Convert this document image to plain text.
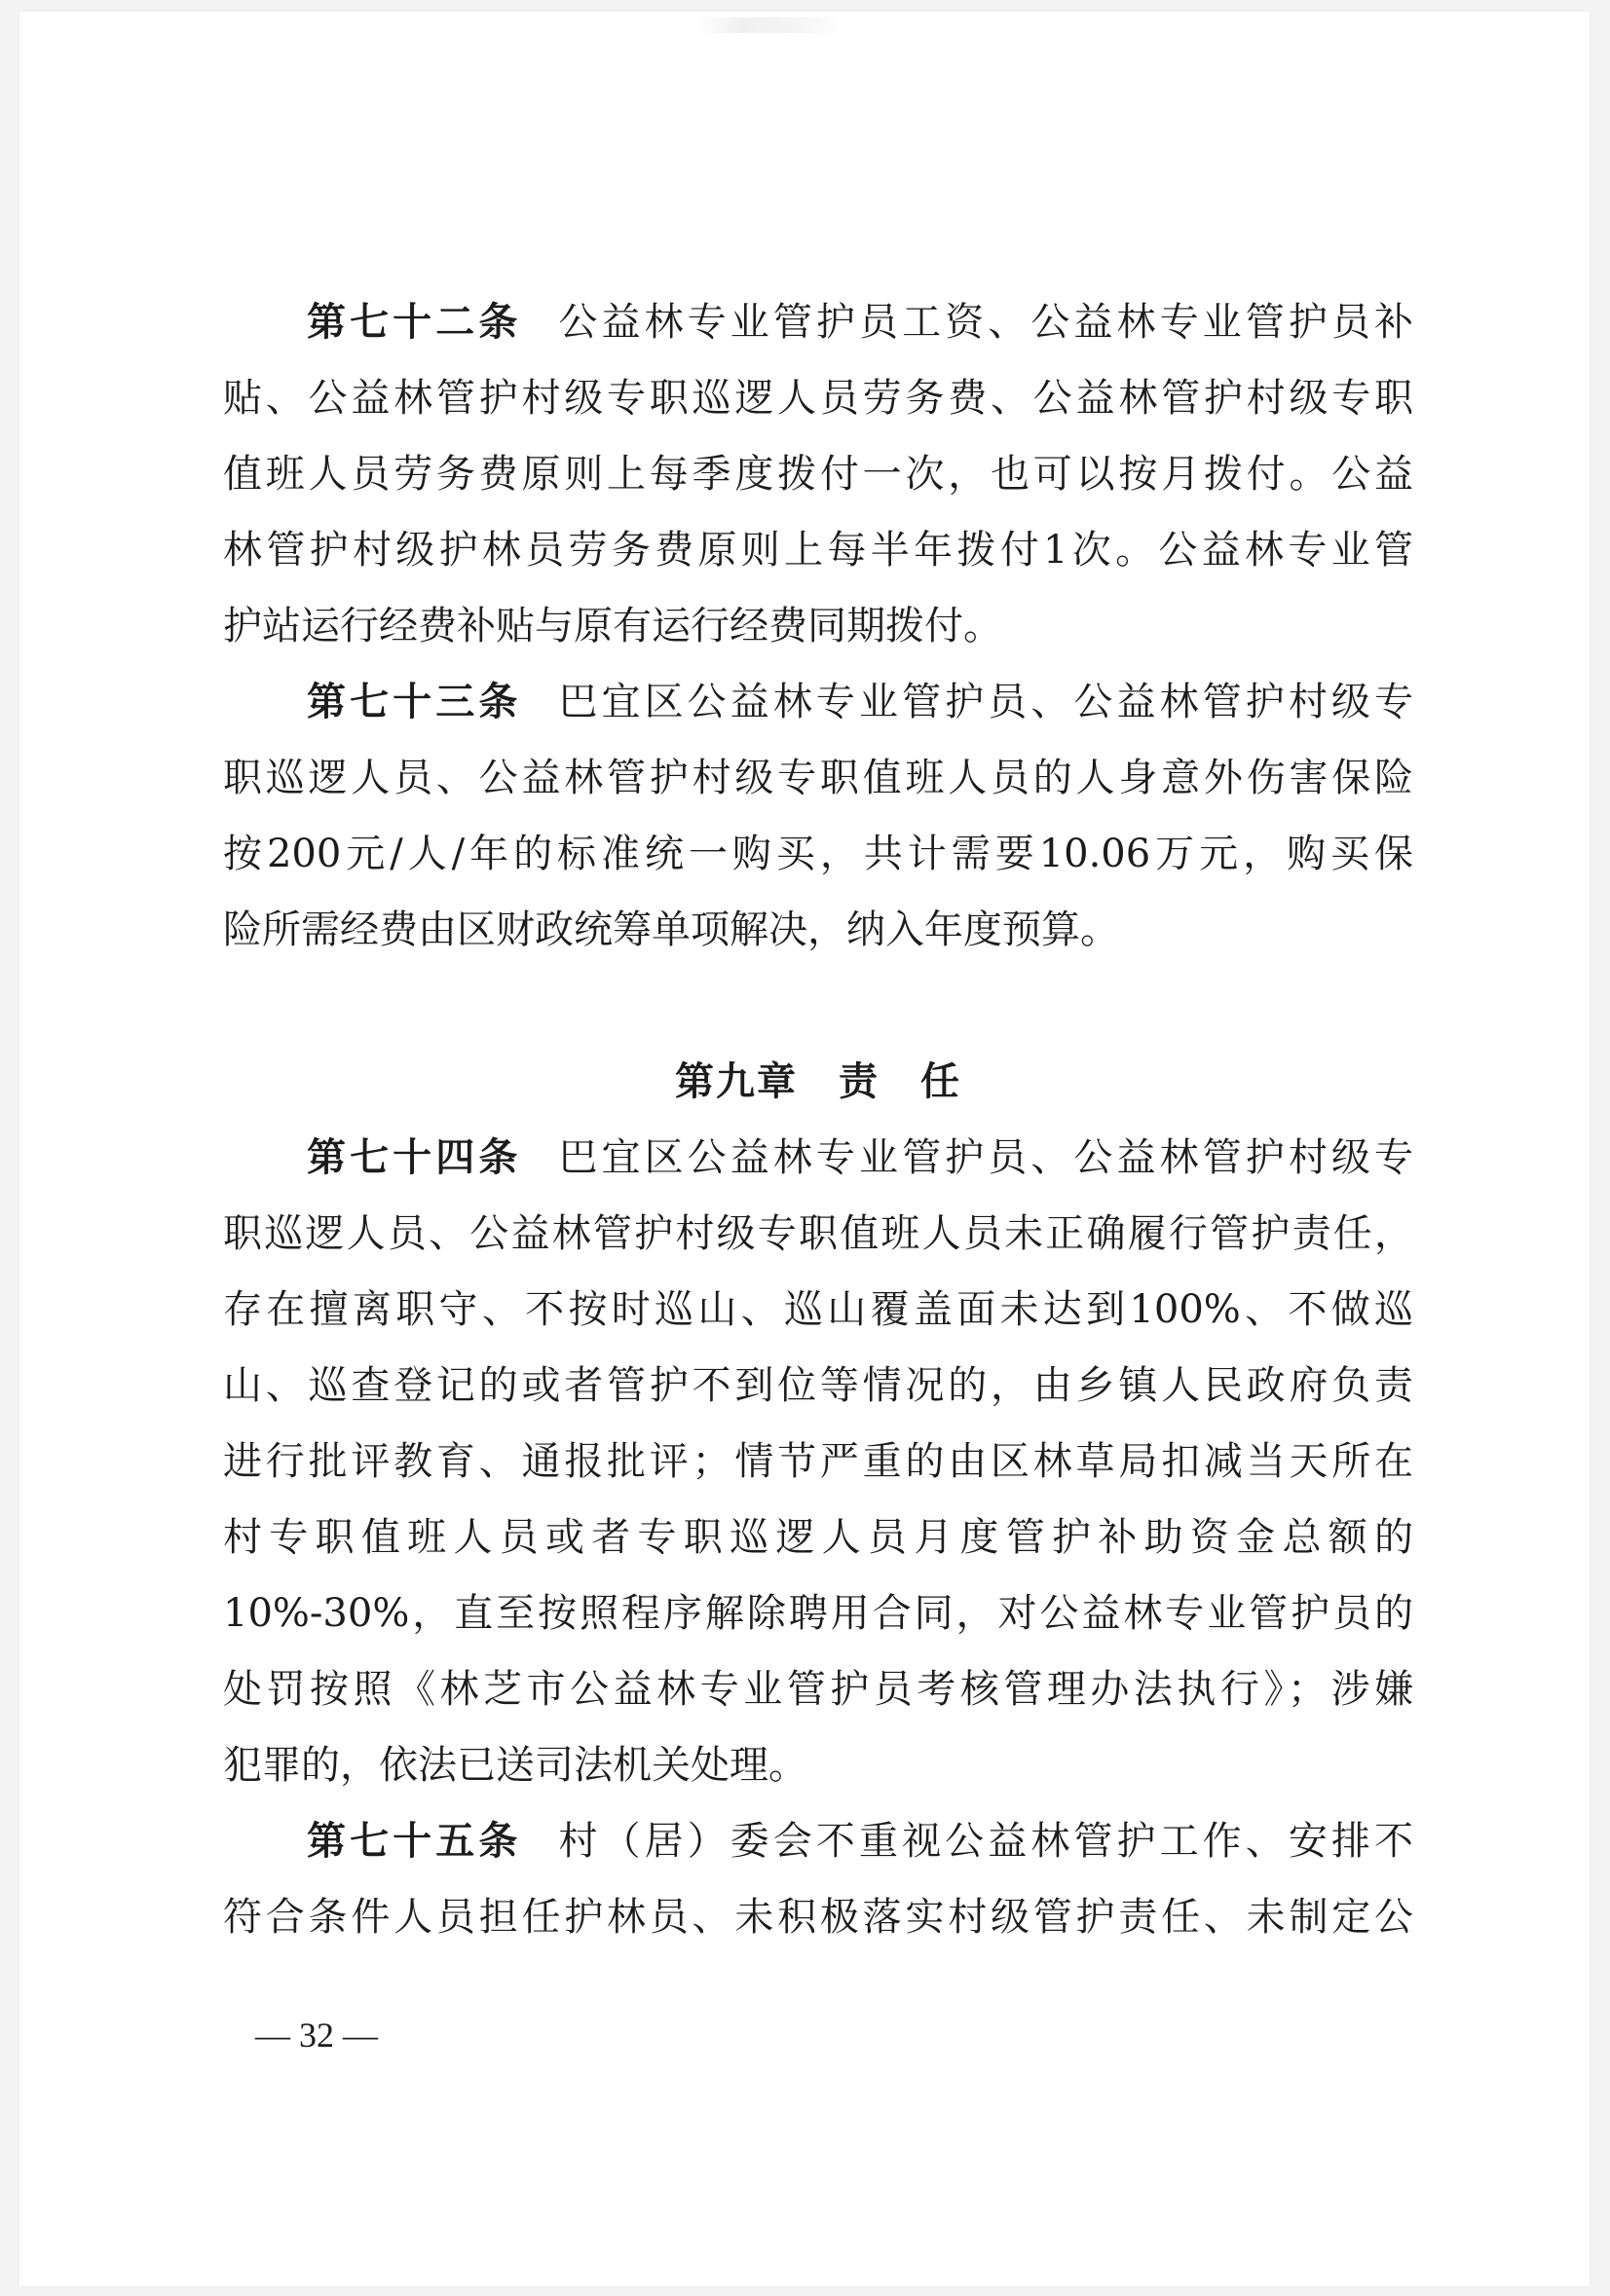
第七十二条 公益林专业管护员工资、公益林专业管护员补
贴、公益林管护村级专职巡逻人员劳务费、公益林管护村级专职
值班人员劳务费原则上每季度拨付一次，也可以按月拨付。公益
林管护村级护林员劳务费原则上每半年拨付1次。公益林专业管
护站运行经费补贴与原有运行经费同期拨付。
第七十三条 巴宜区公益林专业管护员、公益林管护村级专
职巡逻人员、公益林管护村级专职值班人员的人身意外伤害保险
按200元/人/年的标准统一购买，共计需要10.06万元，购买保
险所需经费由区财政统筹单项解决，纳入年度预算。
第九章　责　任
第七十四条 巴宜区公益林专业管护员、公益林管护村级专
职巡逻人员、公益林管护村级专职值班人员未正确履行管护责任，
存在擅离职守、不按时巡山、巡山覆盖面未达到100%、不做巡
山、巡查登记的或者管护不到位等情况的，由乡镇人民政府负责
进行批评教育、通报批评；情节严重的由区林草局扣减当天所在
村专职值班人员或者专职巡逻人员月度管护补助资金总额的
10%-30%，直至按照程序解除聘用合同，对公益林专业管护员的
处罚按照《林芝市公益林专业管护员考核管理办法执行》；涉嫌
犯罪的，依法已送司法机关处理。
第七十五条 村（居）委会不重视公益林管护工作、安排不
符合条件人员担任护林员、未积极落实村级管护责任、未制定公
— 32 —
